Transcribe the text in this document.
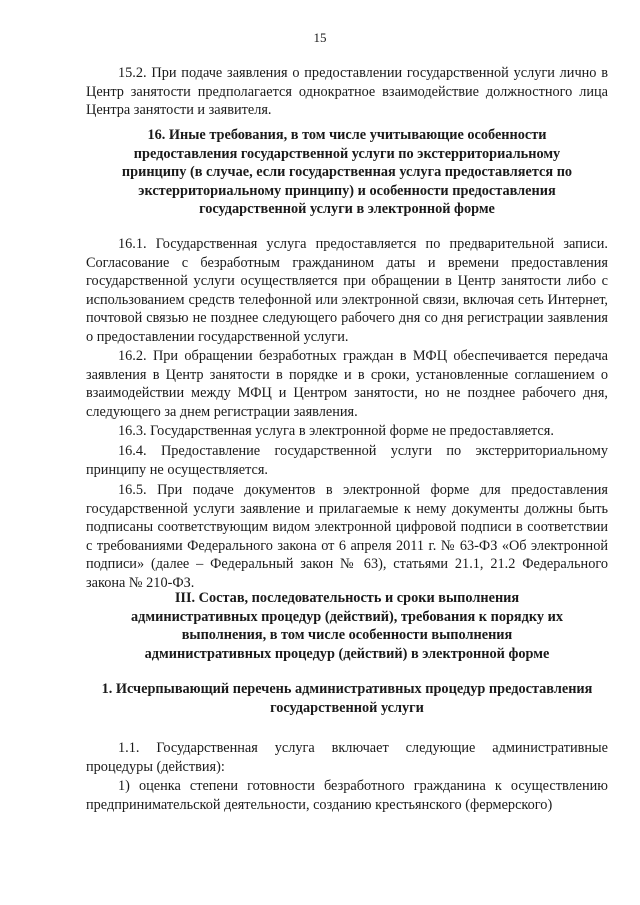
15
15.2. При подаче заявления о предоставлении государственной услуги лично в Центр занятости предполагается однократное взаимодействие должностного лица Центра занятости и заявителя.
16. Иные требования, в том числе учитывающие особенности предоставления государственной услуги по экстерриториальному принципу (в случае, если государственная услуга предоставляется по экстерриториальному принципу) и особенности предоставления государственной услуги в электронной форме
16.1. Государственная услуга предоставляется по предварительной записи. Согласование с безработным гражданином даты и времени предоставления государственной услуги осуществляется при обращении в Центр занятости либо с использованием средств телефонной или электронной связи, включая сеть Интернет, почтовой связью не позднее следующего рабочего дня со дня регистрации заявления о предоставлении государственной услуги.
16.2. При обращении безработных граждан в МФЦ обеспечивается передача заявления в Центр занятости в порядке и в сроки, установленные соглашением о взаимодействии между МФЦ и Центром занятости, но не позднее рабочего дня, следующего за днем регистрации заявления.
16.3. Государственная услуга в электронной форме не предоставляется.
16.4. Предоставление государственной услуги по экстерриториальному принципу не осуществляется.
16.5. При подаче документов в электронной форме для предоставления государственной услуги заявление и прилагаемые к нему документы должны быть подписаны соответствующим видом электронной цифровой подписи в соответствии с требованиями Федерального закона от 6 апреля 2011 г. № 63-ФЗ «Об электронной подписи» (далее – Федеральный закон № 63), статьями 21.1, 21.2 Федерального закона № 210-ФЗ.
III. Состав, последовательность и сроки выполнения административных процедур (действий), требования к порядку их выполнения, в том числе особенности выполнения административных процедур (действий) в электронной форме
1. Исчерпывающий перечень административных процедур предоставления государственной услуги
1.1. Государственная услуга включает следующие административные процедуры (действия):
1) оценка степени готовности безработного гражданина к осуществлению предпринимательской деятельности, созданию крестьянского (фермерского)
